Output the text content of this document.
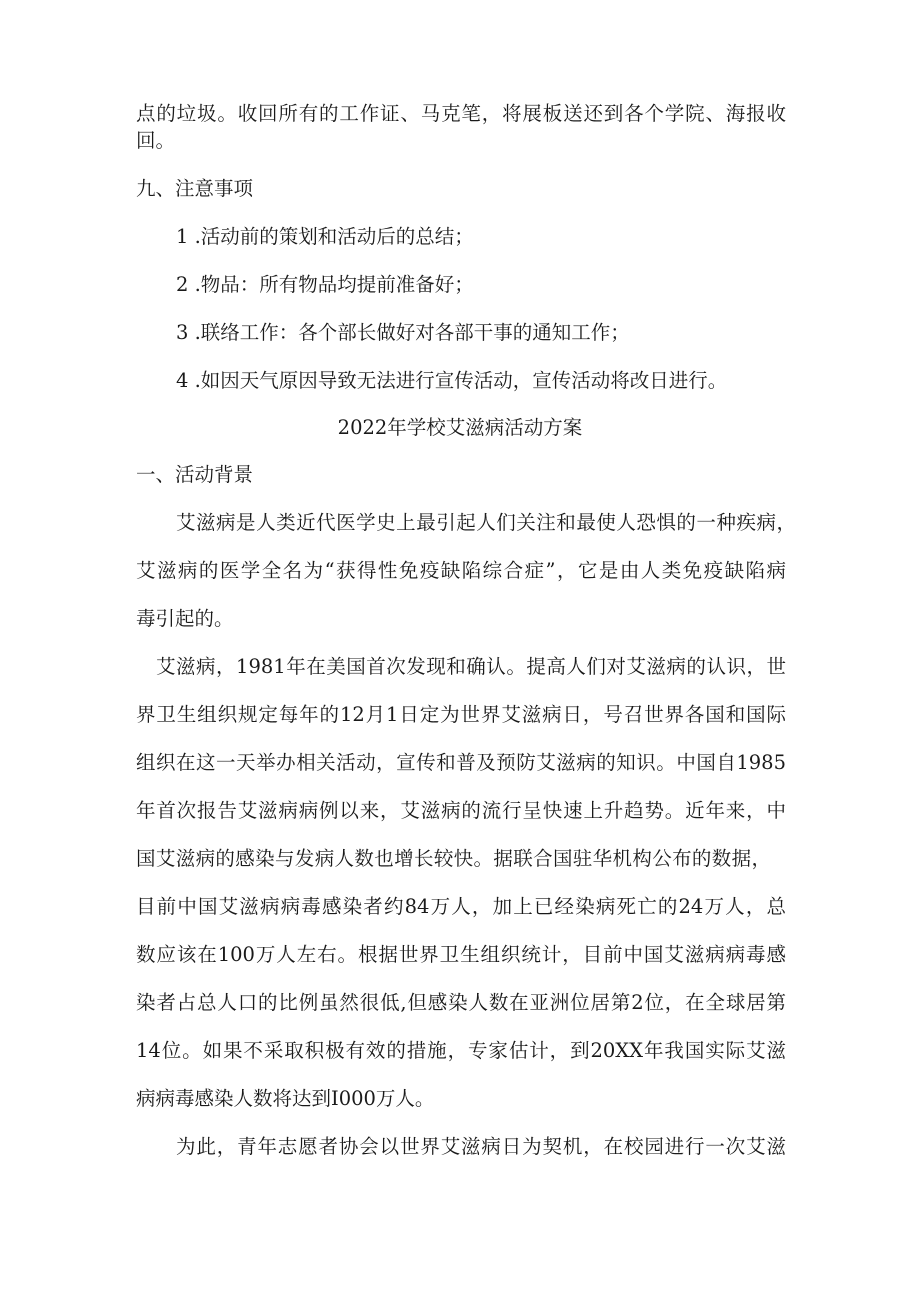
点的垃圾。收回所有的工作证、马克笔，将展板送还到各个学院、海报收
回。
九、注意事项
1 .活动前的策划和活动后的总结；
2 .物品：所有物品均提前准备好；
3 .联络工作：各个部长做好对各部干事的通知工作；
4 .如因天气原因导致无法进行宣传活动，宣传活动将改日进行。
2022年学校艾滋病活动方案
一、活动背景
艾滋病是人类近代医学史上最引起人们关注和最使人恐惧的一种疾病，
艾滋病的医学全名为“获得性免疫缺陷综合症”，它是由人类免疫缺陷病
毒引起的。
艾滋病，1981年在美国首次发现和确认。提高人们对艾滋病的认识，世
界卫生组织规定每年的12月1日定为世界艾滋病日，号召世界各国和国际
组织在这一天举办相关活动，宣传和普及预防艾滋病的知识。中国自1985
年首次报告艾滋病病例以来，艾滋病的流行呈快速上升趋势。近年来，中
国艾滋病的感染与发病人数也增长较快。据联合国驻华机构公布的数据，
目前中国艾滋病病毒感染者约84万人，加上已经染病死亡的24万人，总
数应该在100万人左右。根据世界卫生组织统计，目前中国艾滋病病毒感
染者占总人口的比例虽然很低,但感染人数在亚洲位居第2位，在全球居第
14位。如果不采取积极有效的措施，专家估计，到20XX年我国实际艾滋
病病毒感染人数将达到I000万人。
为此，青年志愿者协会以世界艾滋病日为契机，在校园进行一次艾滋
